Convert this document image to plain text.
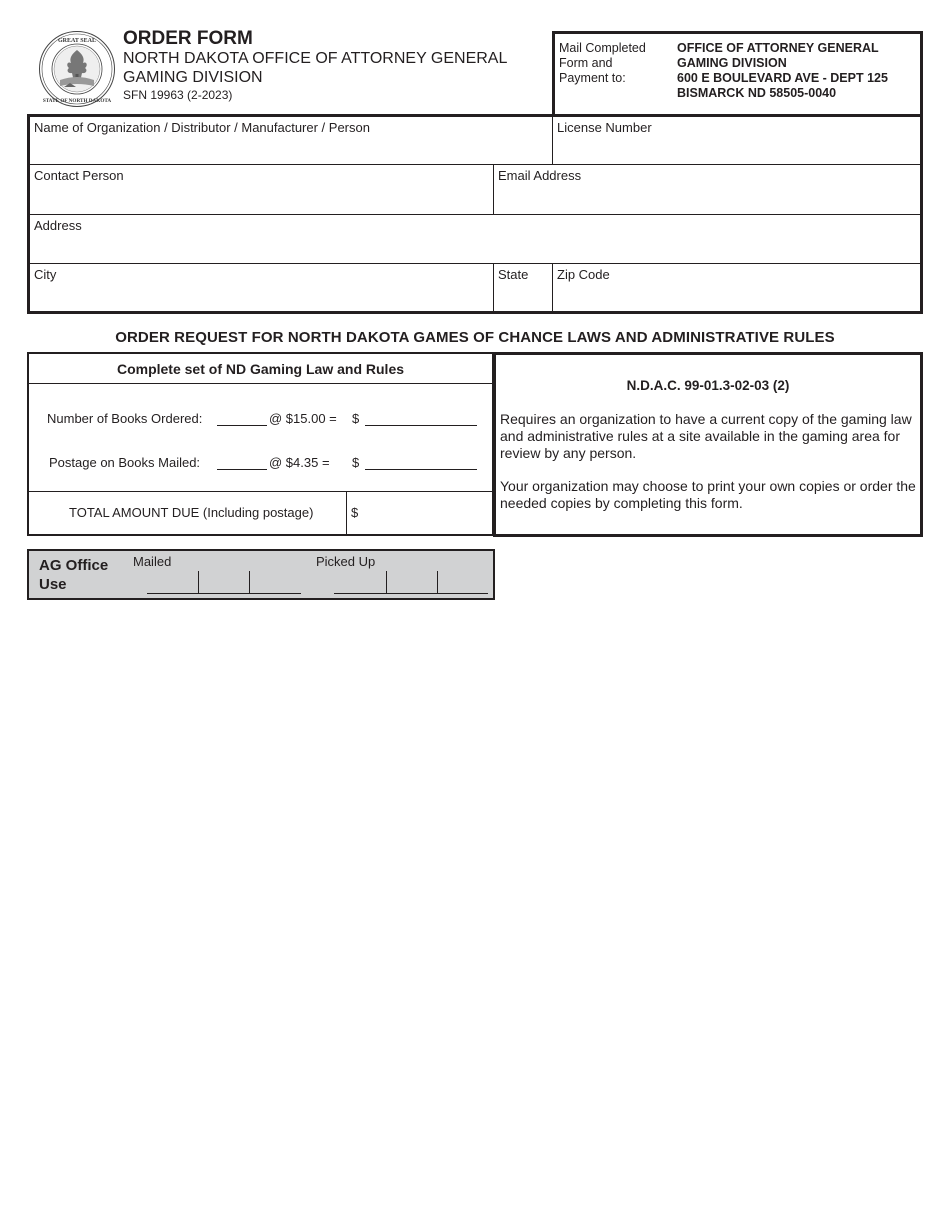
GREAT SEAL
STATE OF NORTH DAKOTA
ORDER FORM
NORTH DAKOTA OFFICE OF ATTORNEY GENERAL
GAMING DIVISION
SFN 19963 (2-2023)
Mail Completed
Form and
Payment to:
OFFICE OF ATTORNEY GENERAL
GAMING DIVISION
600 E BOULEVARD AVE - DEPT 125
BISMARCK ND 58505-0040
Name of Organization / Distributor / Manufacturer / Person	License Number
Contact Person	Email Address
Address
City	State Zip Code
ORDER REQUEST FOR NORTH DAKOTA GAMES OF CHANCE LAWS AND ADMINISTRATIVE RULES
Complete set of ND Gaming Law and Rules
Number of Books Ordered:	@ $15.00 = $
Postage on Books Mailed:	@ $4.35 = $
TOTAL AMOUNT DUE (Including postage)	$
N.D.A.C. 99-01.3-02-03 (2)
Requires an organization to have a current copy of the gaming law and administrative rules at a site available in the gaming area for review by any person.
Your organization may choose to print your own copies or order the needed copies by completing this form.
AG Office
Use
Mailed	Picked Up
